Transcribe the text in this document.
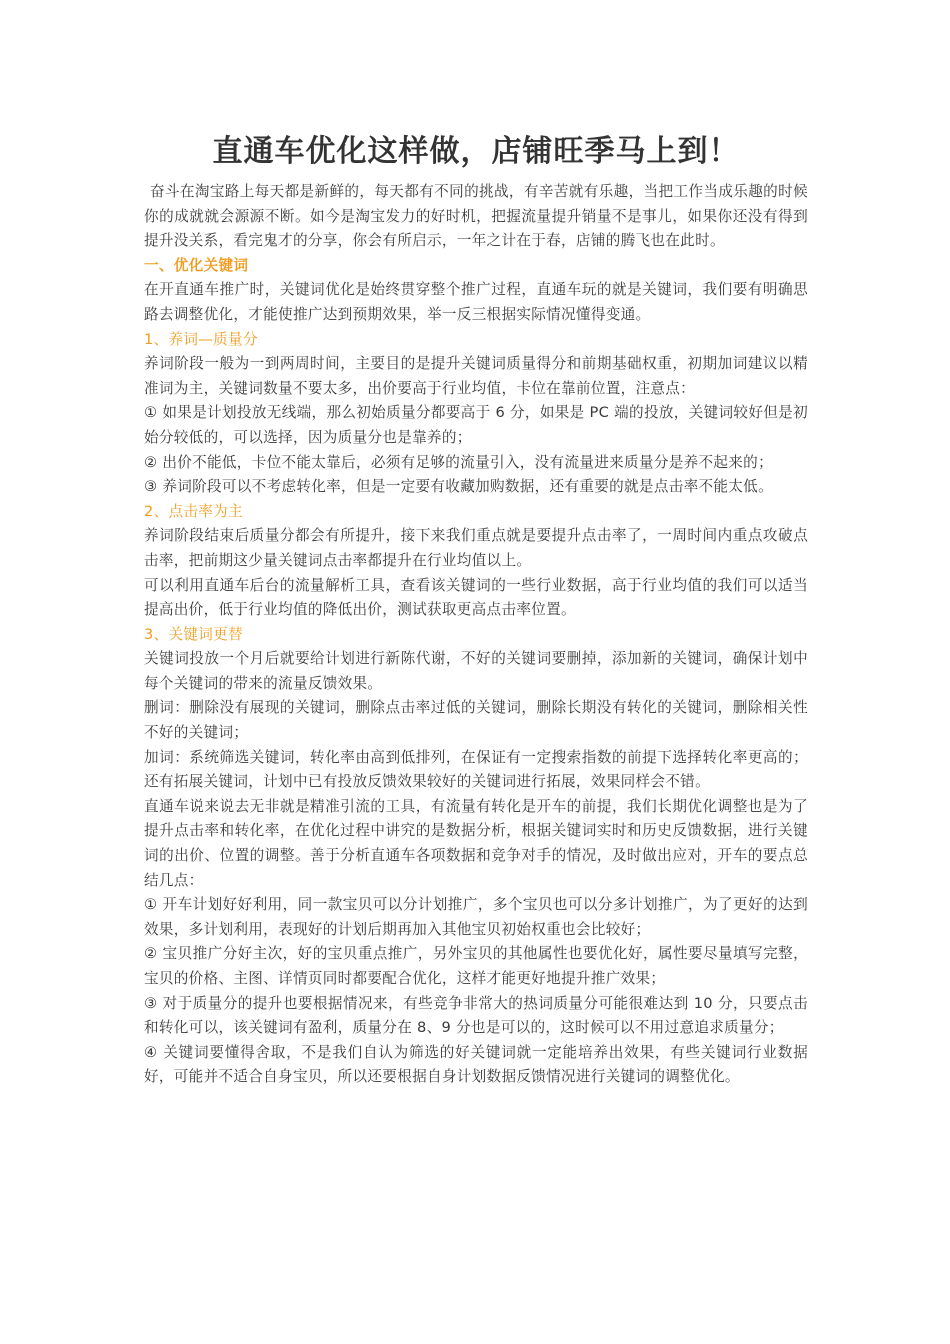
直通车优化这样做，店铺旺季马上到！

奋斗在淘宝路上每天都是新鲜的，每天都有不同的挑战，有辛苦就有乐趣，当把工作当成乐趣的时候你的成就就会源源不断。如今是淘宝发力的好时机，把握流量提升销量不是事儿，如果你还没有得到提升没关系，看完鬼才的分享，你会有所启示，一年之计在于春，店铺的腾飞也在此时。

一、优化关键词

在开直通车推广时，关键词优化是始终贯穿整个推广过程，直通车玩的就是关键词，我们要有明确思路去调整优化，才能使推广达到预期效果，举一反三根据实际情况懂得变通。

1、养词—质量分

养词阶段一般为一到两周时间，主要目的是提升关键词质量得分和前期基础权重，初期加词建议以精准词为主，关键词数量不要太多，出价要高于行业均值，卡位在靠前位置，注意点：

① 如果是计划投放无线端，那么初始质量分都要高于 6 分，如果是 PC 端的投放，关键词较好但是初始分较低的，可以选择，因为质量分也是靠养的；

② 出价不能低，卡位不能太靠后，必须有足够的流量引入，没有流量进来质量分是养不起来的；

③ 养词阶段可以不考虑转化率，但是一定要有收藏加购数据，还有重要的就是点击率不能太低。

2、点击率为主

养词阶段结束后质量分都会有所提升，接下来我们重点就是要提升点击率了，一周时间内重点攻破点击率，把前期这少量关键词点击率都提升在行业均值以上。

可以利用直通车后台的流量解析工具，查看该关键词的一些行业数据，高于行业均值的我们可以适当提高出价，低于行业均值的降低出价，测试获取更高点击率位置。

3、关键词更替

关键词投放一个月后就要给计划进行新陈代谢，不好的关键词要删掉，添加新的关键词，确保计划中每个关键词的带来的流量反馈效果。

删词：删除没有展现的关键词，删除点击率过低的关键词，删除长期没有转化的关键词，删除相关性不好的关键词；

加词：系统筛选关键词，转化率由高到低排列，在保证有一定搜索指数的前提下选择转化率更高的；还有拓展关键词，计划中已有投放反馈效果较好的关键词进行拓展，效果同样会不错。

直通车说来说去无非就是精准引流的工具，有流量有转化是开车的前提，我们长期优化调整也是为了提升点击率和转化率，在优化过程中讲究的是数据分析，根据关键词实时和历史反馈数据，进行关键词的出价、位置的调整。善于分析直通车各项数据和竞争对手的情况，及时做出应对，开车的要点总结几点：

① 开车计划好好利用，同一款宝贝可以分计划推广，多个宝贝也可以分多计划推广，为了更好的达到效果，多计划利用，表现好的计划后期再加入其他宝贝初始权重也会比较好；

② 宝贝推广分好主次，好的宝贝重点推广，另外宝贝的其他属性也要优化好，属性要尽量填写完整，宝贝的价格、主图、详情页同时都要配合优化，这样才能更好地提升推广效果；

③ 对于质量分的提升也要根据情况来，有些竞争非常大的热词质量分可能很难达到 10 分，只要点击和转化可以，该关键词有盈利，质量分在 8、9 分也是可以的，这时候可以不用过意追求质量分；

④ 关键词要懂得舍取，不是我们自认为筛选的好关键词就一定能培养出效果，有些关键词行业数据好，可能并不适合自身宝贝，所以还要根据自身计划数据反馈情况进行关键词的调整优化。
